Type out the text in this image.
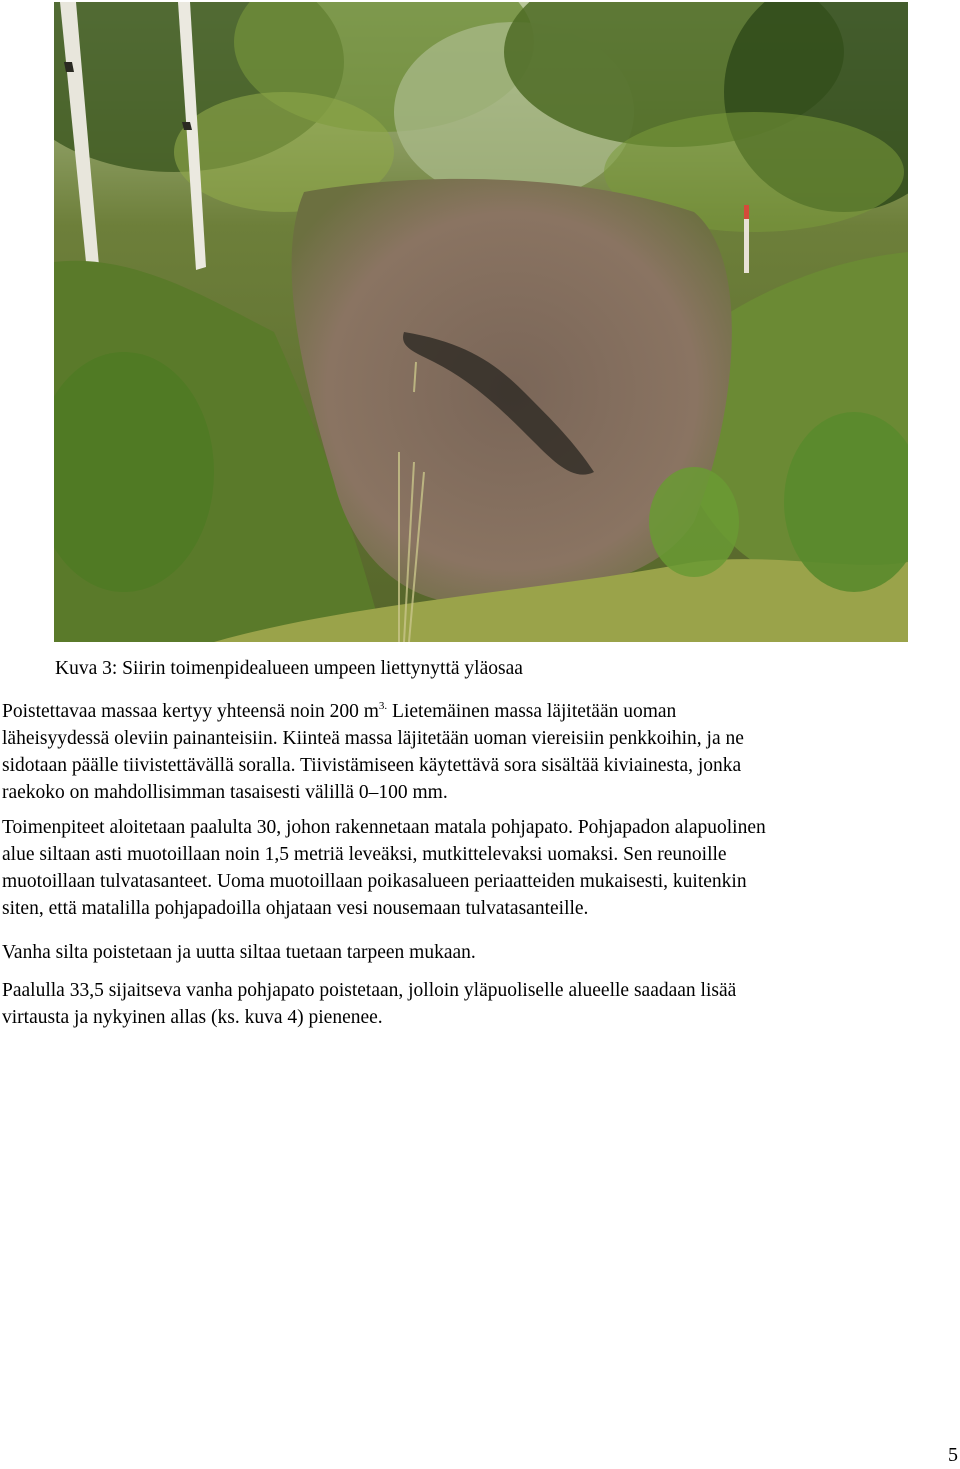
Kuva 3: Siirin toimenpidealueen umpeen liettynyttä yläosaa
Poistettavaa massaa kertyy yhteensä noin 200 $m^{3.}$ Lietemäinen massa läjitetään uoman
läheisyydessä oleviin painanteisiin. Kiinteä massa läjitetään uoman viereisiin penkkoihin, ja ne
sidotaan päälle tiivistettävällä soralla. Tiivistämiseen käytettävä sora sisältää kiviainesta, jonka
raekoko on mahdollisimman tasaisesti välillä 0–100 mm.
Toimenpiteet aloitetaan paalulta 30, johon rakennetaan matala pohjapato. Pohjapadon alapuolinen
alue siltaan asti muotoillaan noin 1,5 metriä leveäksi, mutkittelevaksi uomaksi. Sen reunoille
muotoillaan tulvatasanteet. Uoma muotoillaan poikasalueen periaatteiden mukaisesti, kuitenkin
siten, että matalilla pohjapadoilla ohjataan vesi nousemaan tulvatasanteille.
Vanha silta poistetaan ja uutta siltaa tuetaan tarpeen mukaan.
Paalulla 33,5 sijaitseva vanha pohjapato poistetaan, jolloin yläpuoliselle alueelle saadaan lisää
virtausta ja nykyinen allas (ks. kuva 4) pienenee.
5
